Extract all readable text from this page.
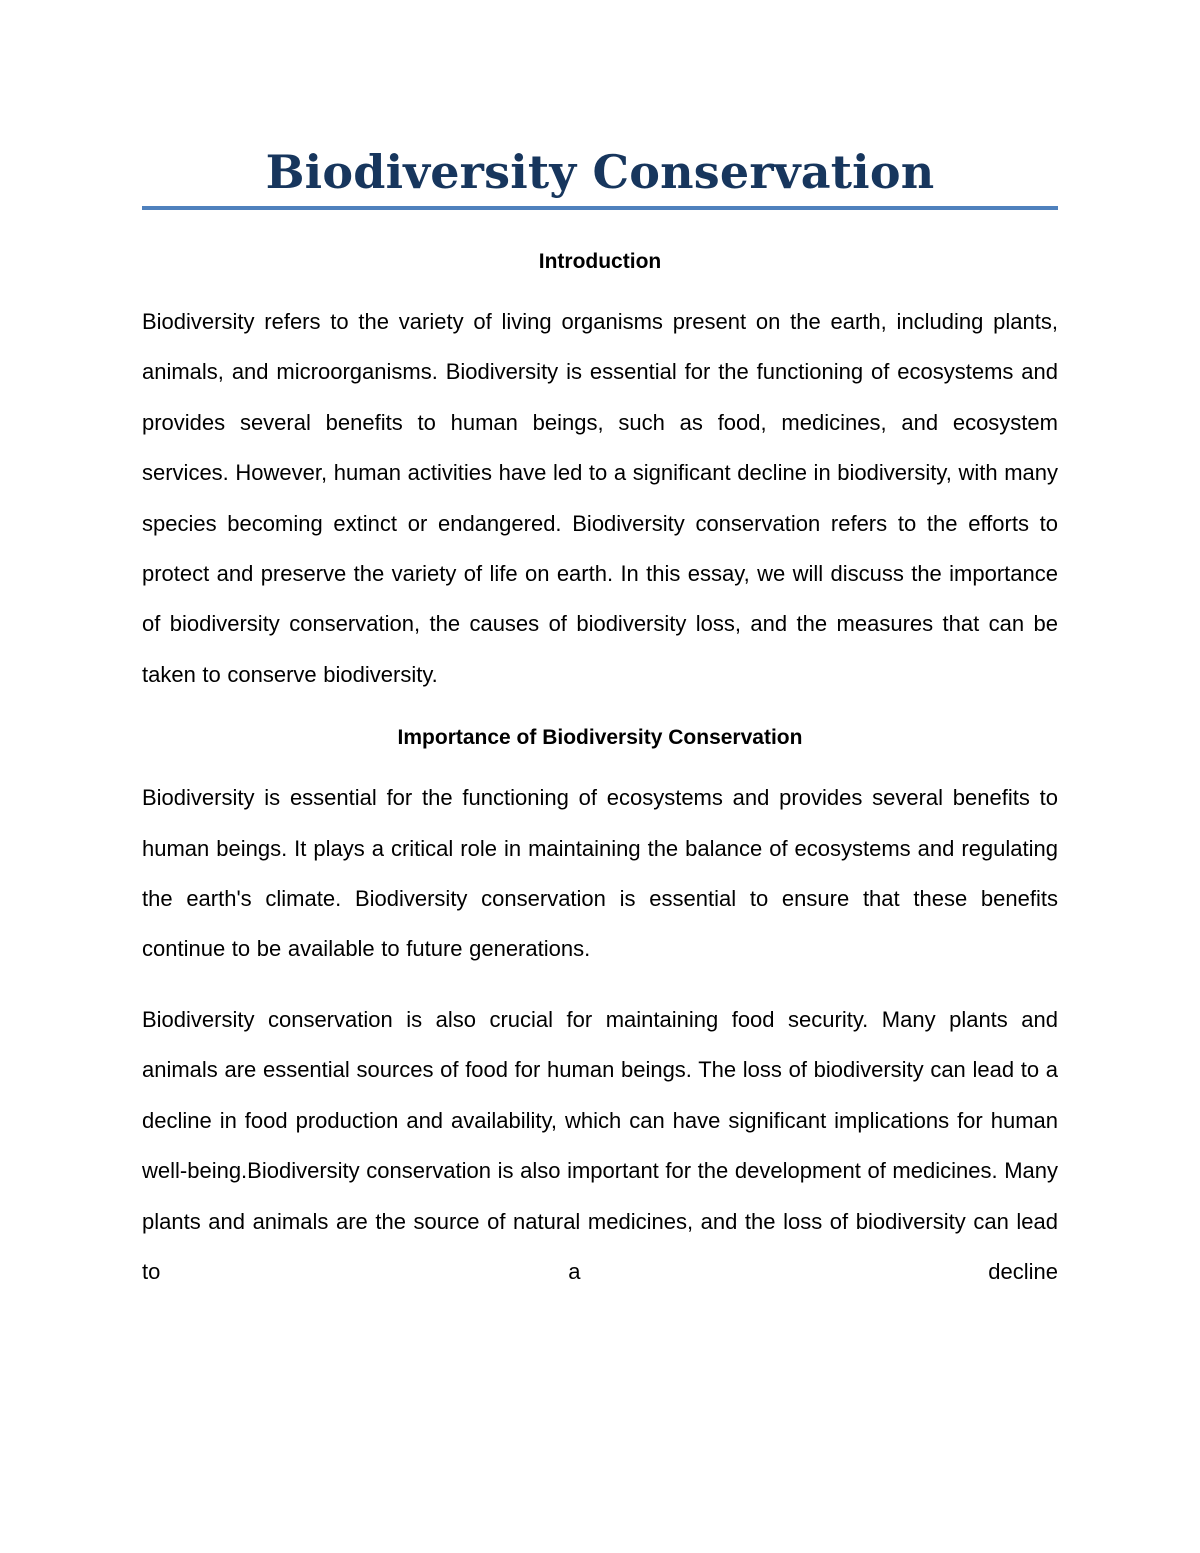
Biodiversity Conservation
Introduction

Biodiversity refers to the variety of living organisms present on the earth, including plants, animals, and microorganisms. Biodiversity is essential for the functioning of ecosystems and provides several benefits to human beings, such as food, medicines, and ecosystem services. However, human activities have led to a significant decline in biodiversity, with many species becoming extinct or endangered. Biodiversity conservation refers to the efforts to protect and preserve the variety of life on earth. In this essay, we will discuss the importance of biodiversity conservation, the causes of biodiversity loss, and the measures that can be taken to conserve biodiversity.

Importance of Biodiversity Conservation

Biodiversity is essential for the functioning of ecosystems and provides several benefits to human beings. It plays a critical role in maintaining the balance of ecosystems and regulating the earth's climate. Biodiversity conservation is essential to ensure that these benefits continue to be available to future generations.

Biodiversity conservation is also crucial for maintaining food security. Many plants and animals are essential sources of food for human beings. The loss of biodiversity can lead to a decline in food production and availability, which can have significant implications for human well-being.Biodiversity conservation is also important for the development of medicines. Many plants and animals are the source of natural medicines, and the loss of biodiversity can lead to a decline
